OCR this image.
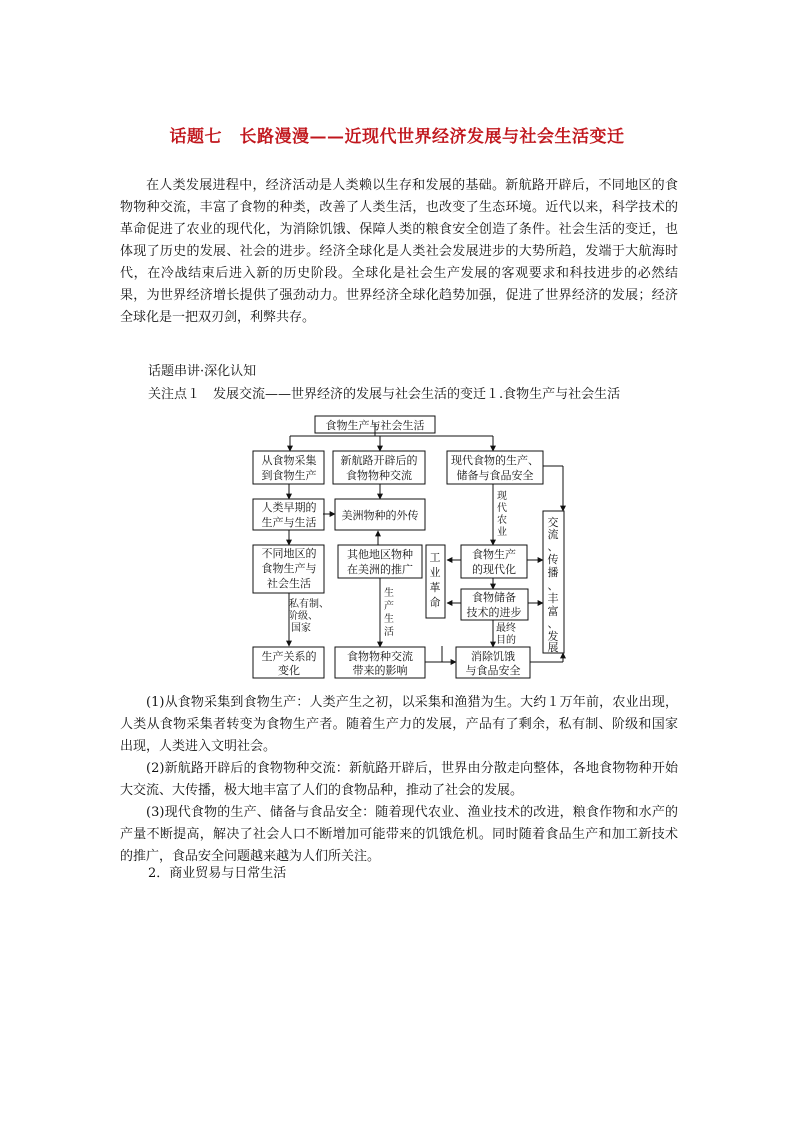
话题七　长路漫漫——近现代世界经济发展与社会生活变迁

在人类发展进程中，经济活动是人类赖以生存和发展的基础。新航路开辟后，不同地区的食物物种交流，丰富了食物的种类，改善了人类生活，也改变了生态环境。近代以来，科学技术的革命促进了农业的现代化，为消除饥饿、保障人类的粮食安全创造了条件。社会生活的变迁，也体现了历史的发展、社会的进步。经济全球化是人类社会发展进步的大势所趋，发端于大航海时代，在冷战结束后进入新的历史阶段。全球化是社会生产发展的客观要求和科技进步的必然结果，为世界经济增长提供了强劲动力。世界经济全球化趋势加强，促进了世界经济的发展；经济全球化是一把双刃剑，利弊共存。

话题串讲·深化认知
关注点１　发展交流——世界经济的发展与社会生活的变迁１.食物生产与社会生活
食物生产与社会生活
从食物采集
到食物生产
人类早期的
生产与生活
不同地区的
食物生产与
社会生活
私有制、
阶级、
国家
生产关系的
变化
新航路开辟后的
食物物种交流
美洲物种的外传
其他地区物种
在美洲的推广
生
产
生
活
食物物种交流
带来的影响
工
业
革
命
现代食物的生产、
储备与食品安全
现
代
农
业
食物生产
的现代化
食物储备
技术的进步
最终
目的
消除饥饿
与食品安全
交
流
、
传
播
、
丰
富
、
发
展

(1)从食物采集到食物生产：人类产生之初，以采集和渔猎为生。大约１万年前，农业出现，人类从食物采集者转变为食物生产者。随着生产力的发展，产品有了剩余，私有制、阶级和国家出现，人类进入文明社会。

(2)新航路开辟后的食物物种交流：新航路开辟后，世界由分散走向整体，各地食物物种开始大交流、大传播，极大地丰富了人们的食物品种，推动了社会的发展。

(3)现代食物的生产、储备与食品安全：随着现代农业、渔业技术的改进，粮食作物和水产的产量不断提高，解决了社会人口不断增加可能带来的饥饿危机。同时随着食品生产和加工新技术的推广，食品安全问题越来越为人们所关注。

2．商业贸易与日常生活
